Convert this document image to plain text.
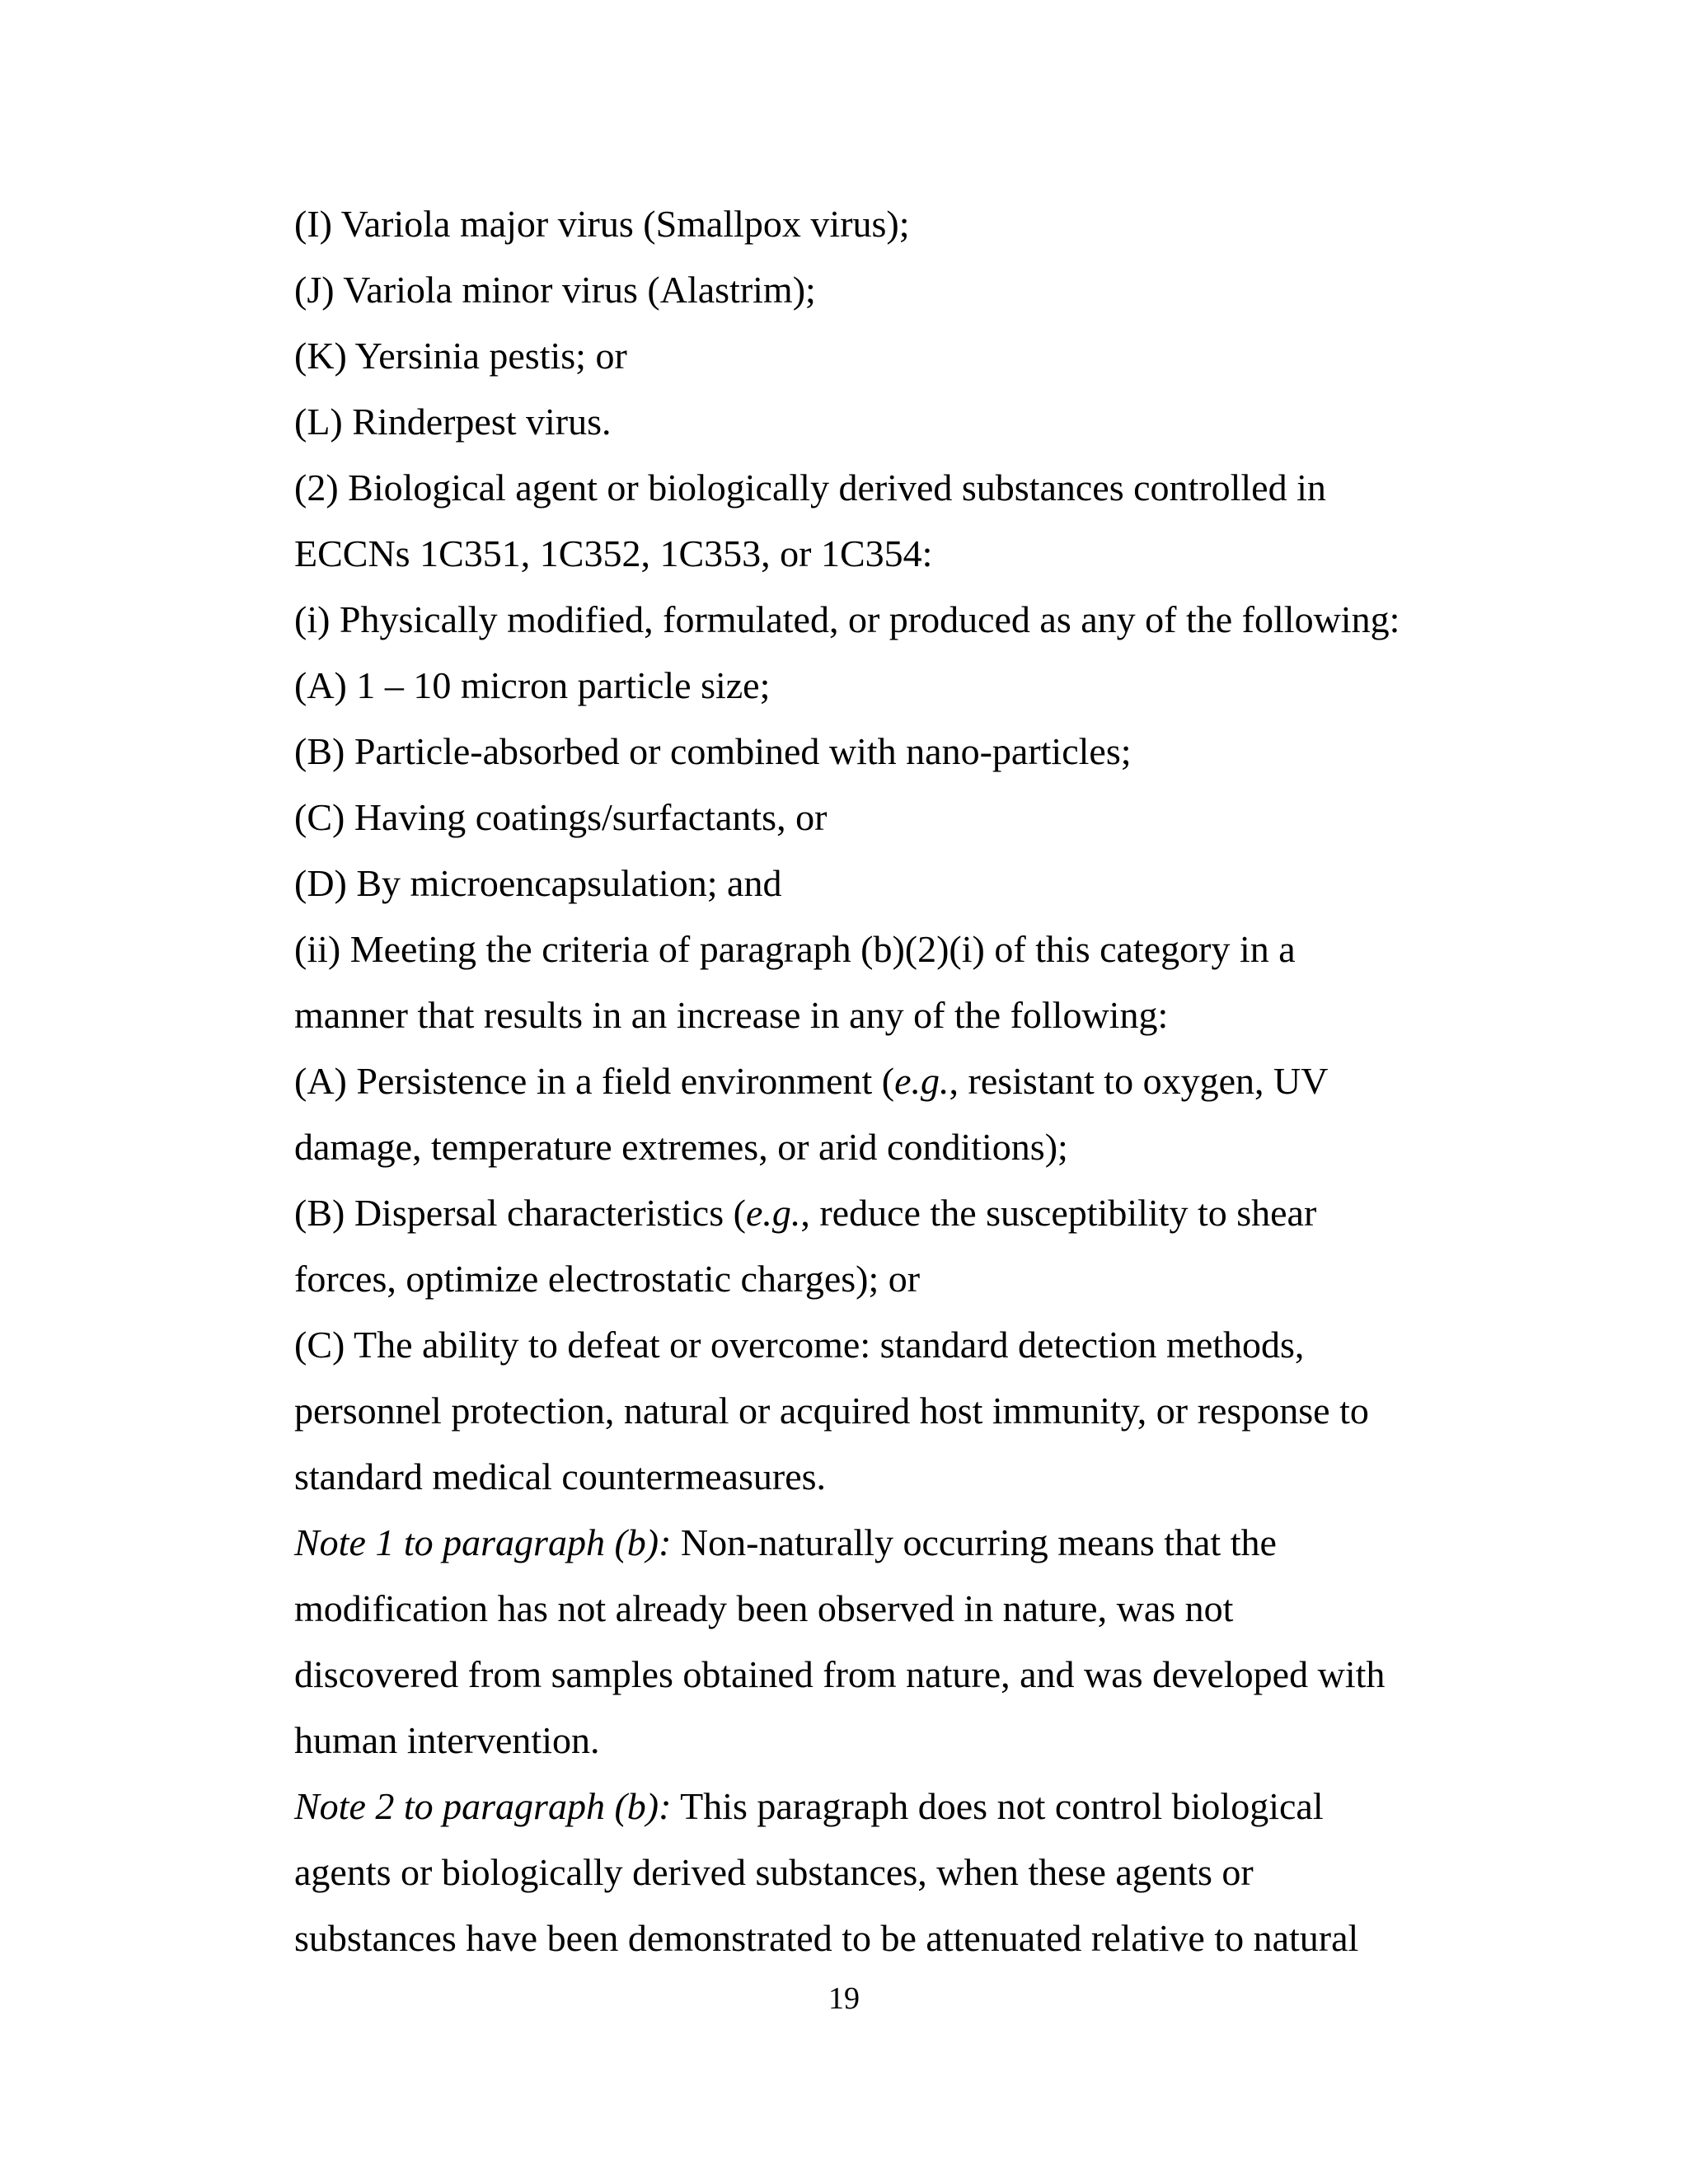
(I) Variola major virus (Smallpox virus);
(J) Variola minor virus (Alastrim);
(K) Yersinia pestis; or
(L) Rinderpest virus.
(2) Biological agent or biologically derived substances controlled in
ECCNs 1C351, 1C352, 1C353, or 1C354:
(i) Physically modified, formulated, or produced as any of the following:
(A) 1 – 10 micron particle size;
(B) Particle-absorbed or combined with nano-particles;
(C) Having coatings/surfactants, or
(D) By microencapsulation; and
(ii) Meeting the criteria of paragraph (b)(2)(i) of this category in a
manner that results in an increase in any of the following:
(A) Persistence in a field environment (e.g., resistant to oxygen, UV
damage, temperature extremes, or arid conditions);
(B) Dispersal characteristics (e.g., reduce the susceptibility to shear
forces, optimize electrostatic charges); or
(C) The ability to defeat or overcome: standard detection methods,
personnel protection, natural or acquired host immunity, or response to
standard medical countermeasures.
Note 1 to paragraph (b): Non-naturally occurring means that the
modification has not already been observed in nature, was not
discovered from samples obtained from nature, and was developed with
human intervention.
Note 2 to paragraph (b): This paragraph does not control biological
agents or biologically derived substances, when these agents or
substances have been demonstrated to be attenuated relative to natural
19
